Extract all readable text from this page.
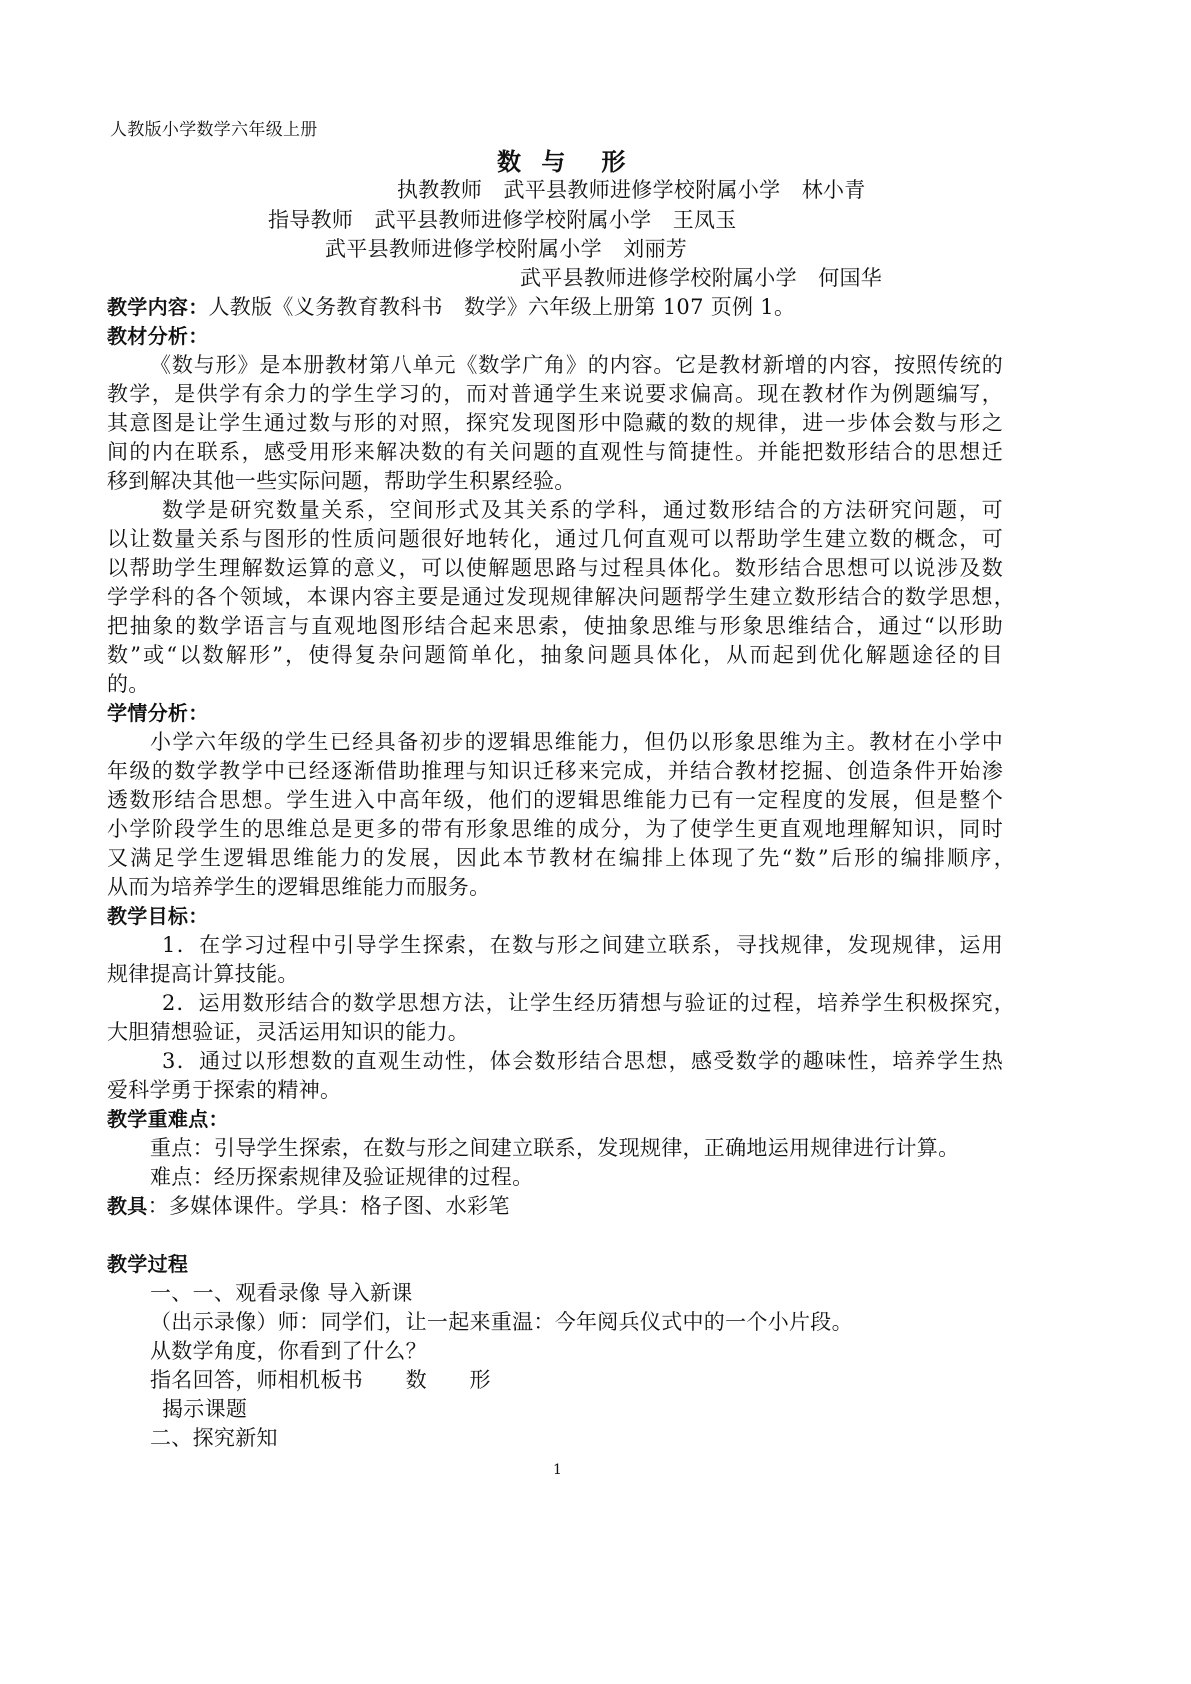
人教版小学数学六年级上册
数 与　形
执教教师　武平县教师进修学校附属小学　林小青
指导教师　武平县教师进修学校附属小学　王凤玉
武平县教师进修学校附属小学　刘丽芳
武平县教师进修学校附属小学　何国华
教学内容：人教版《义务教育教科书　数学》六年级上册第 107 页例 1。
教材分析：
《数与形》是本册教材第八单元《数学广角》的内容。它是教材新增的内容，按照传统的
教学，是供学有余力的学生学习的，而对普通学生来说要求偏高。现在教材作为例题编写，
其意图是让学生通过数与形的对照，探究发现图形中隐藏的数的规律，进一步体会数与形之
间的内在联系，感受用形来解决数的有关问题的直观性与简捷性。并能把数形结合的思想迁
移到解决其他一些实际问题，帮助学生积累经验。
数学是研究数量关系，空间形式及其关系的学科，通过数形结合的方法研究问题，可
以让数量关系与图形的性质问题很好地转化，通过几何直观可以帮助学生建立数的概念，可
以帮助学生理解数运算的意义，可以使解题思路与过程具体化。数形结合思想可以说涉及数
学学科的各个领域，本课内容主要是通过发现规律解决问题帮学生建立数形结合的数学思想，
把抽象的数学语言与直观地图形结合起来思索，使抽象思维与形象思维结合，通过“以形助
数”或“以数解形”，使得复杂问题简单化，抽象问题具体化，从而起到优化解题途径的目
的。
学情分析：
小学六年级的学生已经具备初步的逻辑思维能力，但仍以形象思维为主。教材在小学中
年级的数学教学中已经逐渐借助推理与知识迁移来完成，并结合教材挖掘、创造条件开始渗
透数形结合思想。学生进入中高年级，他们的逻辑思维能力已有一定程度的发展，但是整个
小学阶段学生的思维总是更多的带有形象思维的成分，为了使学生更直观地理解知识，同时
又满足学生逻辑思维能力的发展，因此本节教材在编排上体现了先“数”后形的编排顺序，
从而为培养学生的逻辑思维能力而服务。
教学目标：
1．在学习过程中引导学生探索，在数与形之间建立联系，寻找规律，发现规律，运用
规律提高计算技能。
2．运用数形结合的数学思想方法，让学生经历猜想与验证的过程，培养学生积极探究，
大胆猜想验证，灵活运用知识的能力。
3．通过以形想数的直观生动性，体会数形结合思想，感受数学的趣味性，培养学生热
爱科学勇于探索的精神。
教学重难点：
重点：引导学生探索，在数与形之间建立联系，发现规律，正确地运用规律进行计算。
难点：经历探索规律及验证规律的过程。
教具：多媒体课件。学具：格子图、水彩笔
教学过程
一、一、观看录像 导入新课
（出示录像）师：同学们，让一起来重温：今年阅兵仪式中的一个小片段。
从数学角度，你看到了什么？
指名回答，师相机板书　　数　　形
揭示课题
二、探究新知
1
